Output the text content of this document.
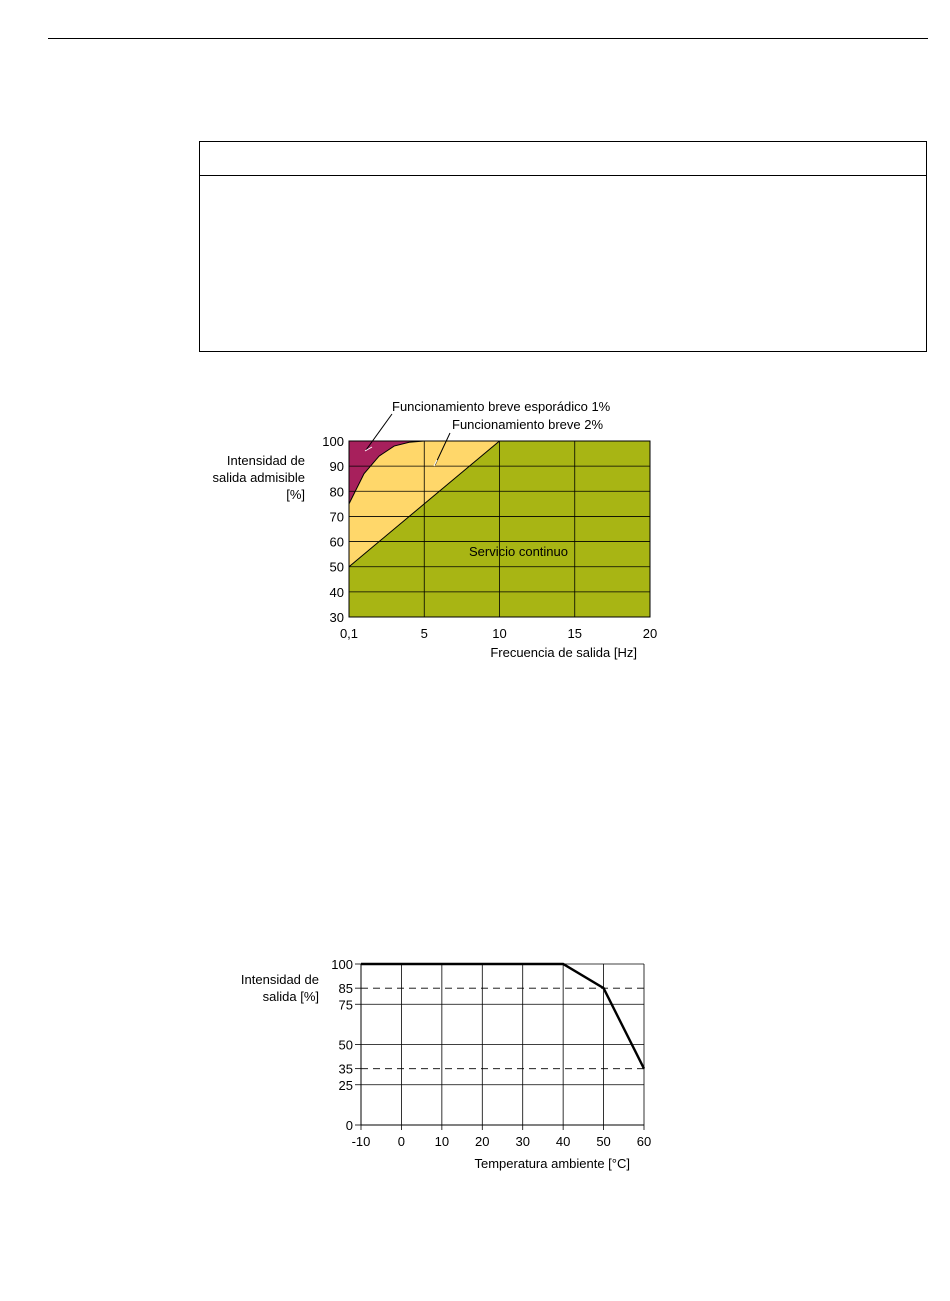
30
40
50
60
70
80
90
100
0,1	5	10	15	20
Intensidad de
salida admisible
[%]
Frecuencia de salida [Hz]
Funcionamiento breve esporádico 1%
Funcionamiento breve 2%
Servicio continuo
-10 0 10 20 30 40 50 60
0
25
35
50
75
85
100
Intensidad de
salida [%]
Temperatura ambiente [°C]
